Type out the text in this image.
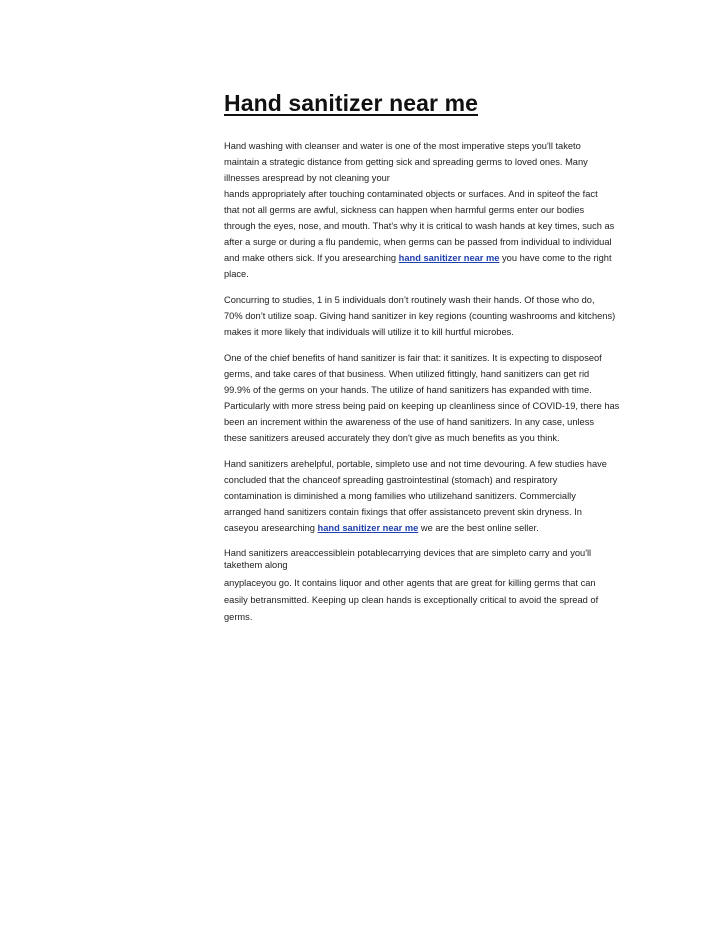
Hand sanitizer near me

Hand washing with cleanser and water is one of the most imperative steps you'll taketo
maintain a strategic distance from getting sick and spreading germs to loved ones. Many
illnesses arespread by not cleaning your
hands appropriately after touching contaminated objects or surfaces. And in spiteof the fact
that not all germs are awful, sickness can happen when harmful germs enter our bodies
through the eyes, nose, and mouth. That’s why it is critical to wash hands at key times, such as
after a surge or during a flu pandemic, when germs can be passed from individual to individual
and make others sick. If you aresearching hand sanitizer near me you have come to the right
place.

Concurring to studies, 1 in 5 individuals don’t routinely wash their hands. Of those who do,
70% don’t utilize soap. Giving hand sanitizer in key regions (counting washrooms and kitchens)
makes it more likely that individuals will utilize it to kill hurtful microbes.

One of the chief benefits of hand sanitizer is fair that: it sanitizes. It is expecting to disposeof
germs, and take cares of that business. When utilized fittingly, hand sanitizers can get rid
99.9% of the germs on your hands. The utilize of hand sanitizers has expanded with time.
Particularly with more stress being paid on keeping up cleanliness since of COVID-19, there has
been an increment within the awareness of the use of hand sanitizers. In any case, unless
these sanitizers areused accurately they don't give as much benefits as you think.

Hand sanitizers arehelpful, portable, simpleto use and not time devouring. A few studies have
concluded that the chanceof spreading gastrointestinal (stomach) and respiratory
contamination is diminished a mong families who utilizehand sanitizers. Commercially
arranged hand sanitizers contain fixings that offer assistanceto prevent skin dryness. In
caseyou aresearching hand sanitizer near me we are the best online seller.

Hand sanitizers areaccessiblein potablecarrying devices that are simpleto carry and you'll
takethem along
anyplaceyou go. It contains liquor and other agents that are great for killing germs that can
easily betransmitted. Keeping up clean hands is exceptionally critical to avoid the spread of
germs.
